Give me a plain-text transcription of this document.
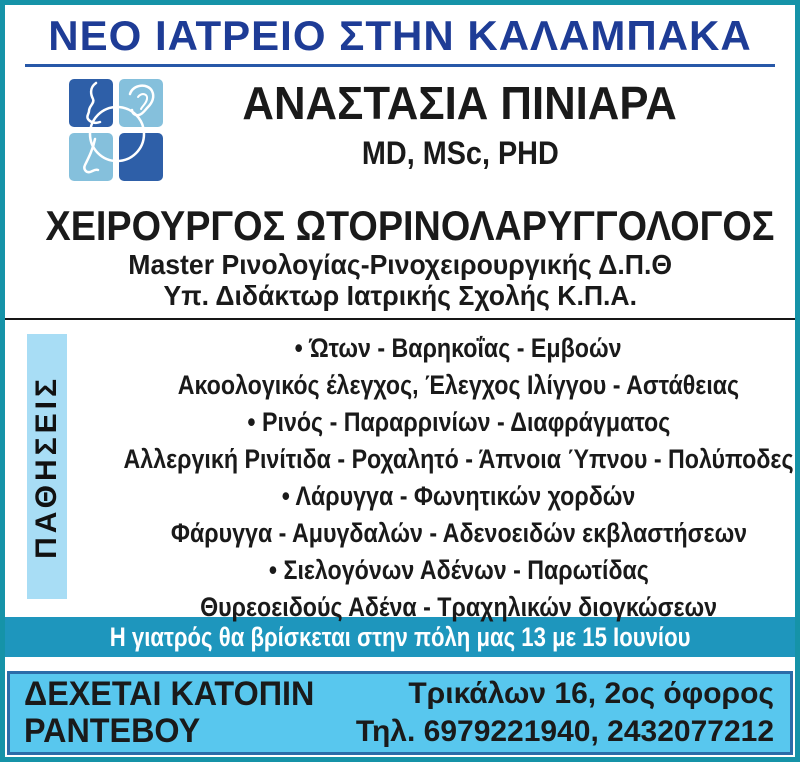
ΝΕΟ ΙΑΤΡΕΙΟ ΣΤΗΝ ΚΑΛΑΜΠΑΚΑ
ΑΝΑΣΤΑΣΙΑ ΠΙΝΙΑΡΑ
MD, MSc, PHD
ΧΕΙΡΟΥΡΓΟΣ ΩΤΟΡΙΝΟΛΑΡΥΓΓΟΛΟΓΟΣ
Master Ρινολογίας-Ρινοχειρουργικής Δ.Π.Θ
Υπ. Διδάκτωρ Ιατρικής Σχολής Κ.Π.Α.
ΠΑΘΗΣΕΙΣ
• Ώτων - Βαρηκοΐας - Εμβοών
Ακοολογικός έλεγχος, Έλεγχος Ιλίγγου - Αστάθειας
• Ρινός - Παραρρινίων - Διαφράγματος
Αλλεργική Ρινίτιδα - Ροχαλητό - Άπνοια Ύπνου - Πολύποδες
• Λάρυγγα - Φωνητικών χορδών
Φάρυγγα - Αμυγδαλών - Αδενοειδών εκβλαστήσεων
• Σιελογόνων Αδένων - Παρωτίδας
Θυρεοειδούς Αδένα - Τραχηλικών διογκώσεων
Η γιατρός θα βρίσκεται στην πόλη μας 13 με 15 Ιουνίου
ΔΕΧΕΤΑΙ ΚΑΤΟΠΙΝ
ΡΑΝΤΕΒΟΥ
Τρικάλων 16, 2ος όφορος
Τηλ. 6979221940, 2432077212
